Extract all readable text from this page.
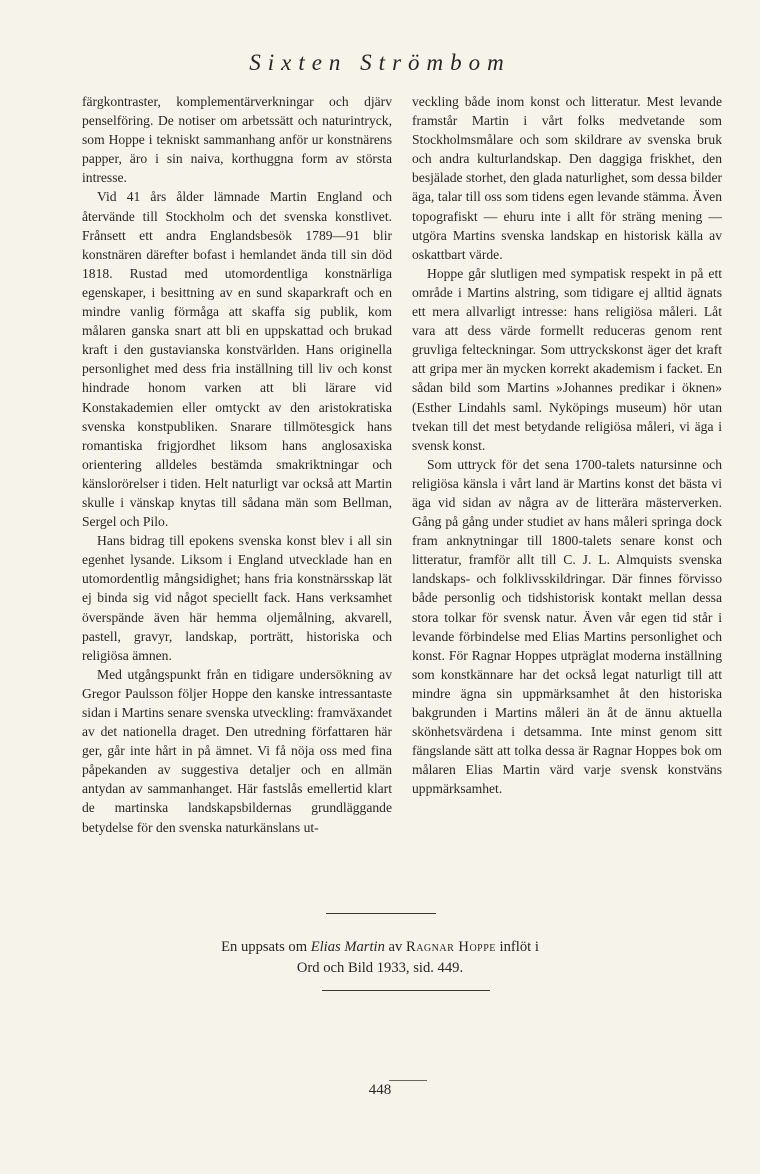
Sixten Strömbom

färgkontraster, komplementärverkningar och djärv penselföring. De notiser om arbetssätt och naturintryck, som Hoppe i tekniskt sammanhang anför ur konstnärens papper, äro i sin naiva, korthuggna form av största intresse.

Vid 41 års ålder lämnade Martin England och återvände till Stockholm och det svenska konstlivet. Frånsett ett andra Englandsbesök 1789—91 blir konstnären därefter bofast i hemlandet ända till sin död 1818. Rustad med utomordentliga konstnärliga egenskaper, i besittning av en sund skaparkraft och en mindre vanlig förmåga att skaffa sig publik, kom målaren ganska snart att bli en uppskattad och brukad kraft i den gustavianska konstvärlden. Hans originella personlighet med dess fria inställning till liv och konst hindrade honom varken att bli lärare vid Konstakademien eller omtyckt av den aristokratiska svenska konstpubliken. Snarare tillmötesgick hans romantiska frigjordhet liksom hans anglosaxiska orientering alldeles bestämda smakriktningar och känslorörelser i tiden. Helt naturligt var också att Martin skulle i vänskap knytas till sådana män som Bellman, Sergel och Pilo.

Hans bidrag till epokens svenska konst blev i all sin egenhet lysande. Liksom i England utvecklade han en utomordentlig mångsidighet; hans fria konstnärsskap lät ej binda sig vid något speciellt fack. Hans verksamhet överspände även här hemma oljemålning, akvarell, pastell, gravyr, landskap, porträtt, historiska och religiösa ämnen.

Med utgångspunkt från en tidigare undersökning av Gregor Paulsson följer Hoppe den kanske intressantaste sidan i Martins senare svenska utveckling: framväxandet av det nationella draget. Den utredning författaren här ger, går inte hårt in på ämnet. Vi få nöja oss med fina påpekanden av suggestiva detaljer och en allmän antydan av sammanhanget. Här fastslås emellertid klart de martinska landskapsbildernas grundläggande betydelse för den svenska naturkänslans ut-

veckling både inom konst och litteratur. Mest levande framstår Martin i vårt folks medvetande som Stockholmsmålare och som skildrare av svenska bruk och andra kulturlandskap. Den daggiga friskhet, den besjälade storhet, den glada naturlighet, som dessa bilder äga, talar till oss som tidens egen levande stämma. Även topografiskt — ehuru inte i allt för sträng mening — utgöra Martins svenska landskap en historisk källa av oskattbart värde.

Hoppe går slutligen med sympatisk respekt in på ett område i Martins alstring, som tidigare ej alltid ägnats ett mera allvarligt intresse: hans religiösa måleri. Låt vara att dess värde formellt reduceras genom rent gruvliga felteckningar. Som uttryckskonst äger det kraft att gripa mer än mycken korrekt akademism i facket. En sådan bild som Martins »Johannes predikar i öknen» (Esther Lindahls saml. Nyköpings museum) hör utan tvekan till det mest betydande religiösa måleri, vi äga i svensk konst.

Som uttryck för det sena 1700-talets natursinne och religiösa känsla i vårt land är Martins konst det bästa vi äga vid sidan av några av de litterära mästerverken. Gång på gång under studiet av hans måleri springa dock fram anknytningar till 1800-talets senare konst och litteratur, framför allt till C. J. L. Almquists svenska landskaps- och folklivsskildringar. Där finnes förvisso både personlig och tidshistorisk kontakt mellan dessa stora tolkar för svensk natur. Även vår egen tid står i levande förbindelse med Elias Martins personlighet och konst. För Ragnar Hoppes utpräglat moderna inställning som konstkännare har det också legat naturligt till att mindre ägna sin uppmärksamhet åt den historiska bakgrunden i Martins måleri än åt de ännu aktuella skönhetsvärdena i detsamma. Inte minst genom sitt fängslande sätt att tolka dessa är Ragnar Hoppes bok om målaren Elias Martin värd varje svensk konstväns uppmärksamhet.

En uppsats om Elias Martin av Ragnar Hoppe inflöt i
Ord och Bild 1933, sid. 449.
448
